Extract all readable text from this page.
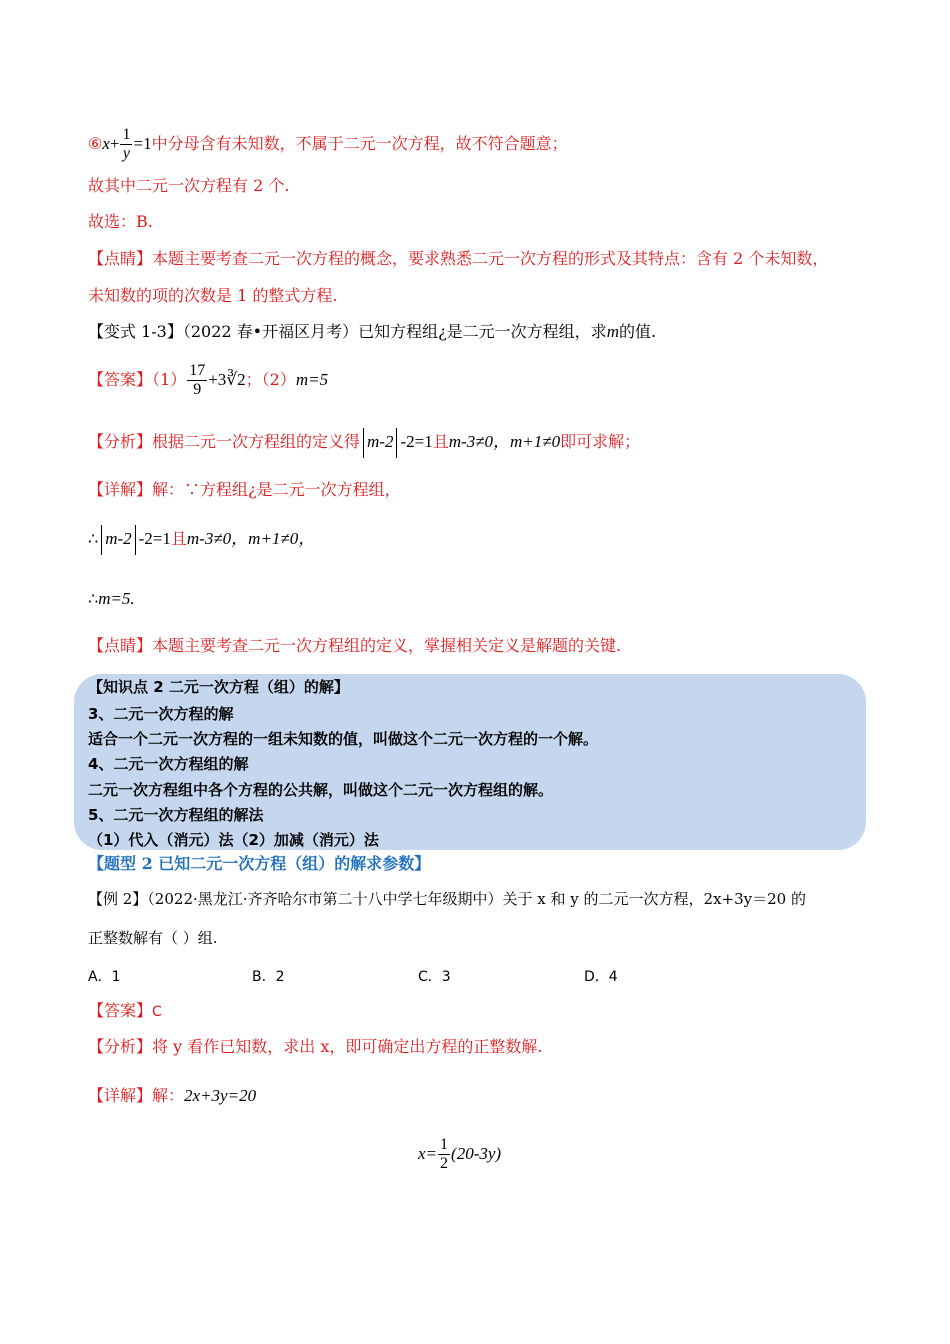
⑥x+ $\frac{1}{y} =1$中分母含有未知数，不属于二元一次方程，故不符合题意；
故其中二元一次方程有 2 个.
故选：B.
【点睛】本题主要考查二元一次方程的概念，要求熟悉二元一次方程的形式及其特点：含有 2 个未知数，
未知数的项的次数是 1 的整式方程.
【变式 1-3】（2022 春•开福区月考）已知方程组¿是二元一次方程组，求m的值.
【答案】$(1) \frac{17}{9}$ +3∛2；（2）m=5
【分析】根据二元一次方程组的定义得 m-2 -2=1且m-3≠0，m+1≠0即可求解；
【详解】解：∵方程组¿是二元一次方程组，
∴ m-2 -2=1且m-3≠0，m+1≠0，
∴m=5.
【点睛】本题主要考查二元一次方程组的定义，掌握相关定义是解题的关键.
【知识点 2 二元一次方程（组）的解】
3、二元一次方程的解
适合一个二元一次方程的一组未知数的值，叫做这个二元一次方程的一个解。
4、二元一次方程组的解
二元一次方程组中各个方程的公共解，叫做这个二元一次方程组的解。
5、二元一次方程组的解法
（1）代入（消元）法（2）加减（消元）法
【题型 2 已知二元一次方程（组）的解求参数】
【例 2】（2022·黑龙江·齐齐哈尔市第二十八中学七年级期中）关于 x 和 y 的二元一次方程，2x+3y＝20 的
正整数解有（ ）组.
A．1	B．2	C．3	D．4
【答案】C
【分析】将 y 看作已知数，求出 x，即可确定出方程的正整数解.
【详解】解：2x+3y=20
$x= \frac{1}{2} (20-3y)$
